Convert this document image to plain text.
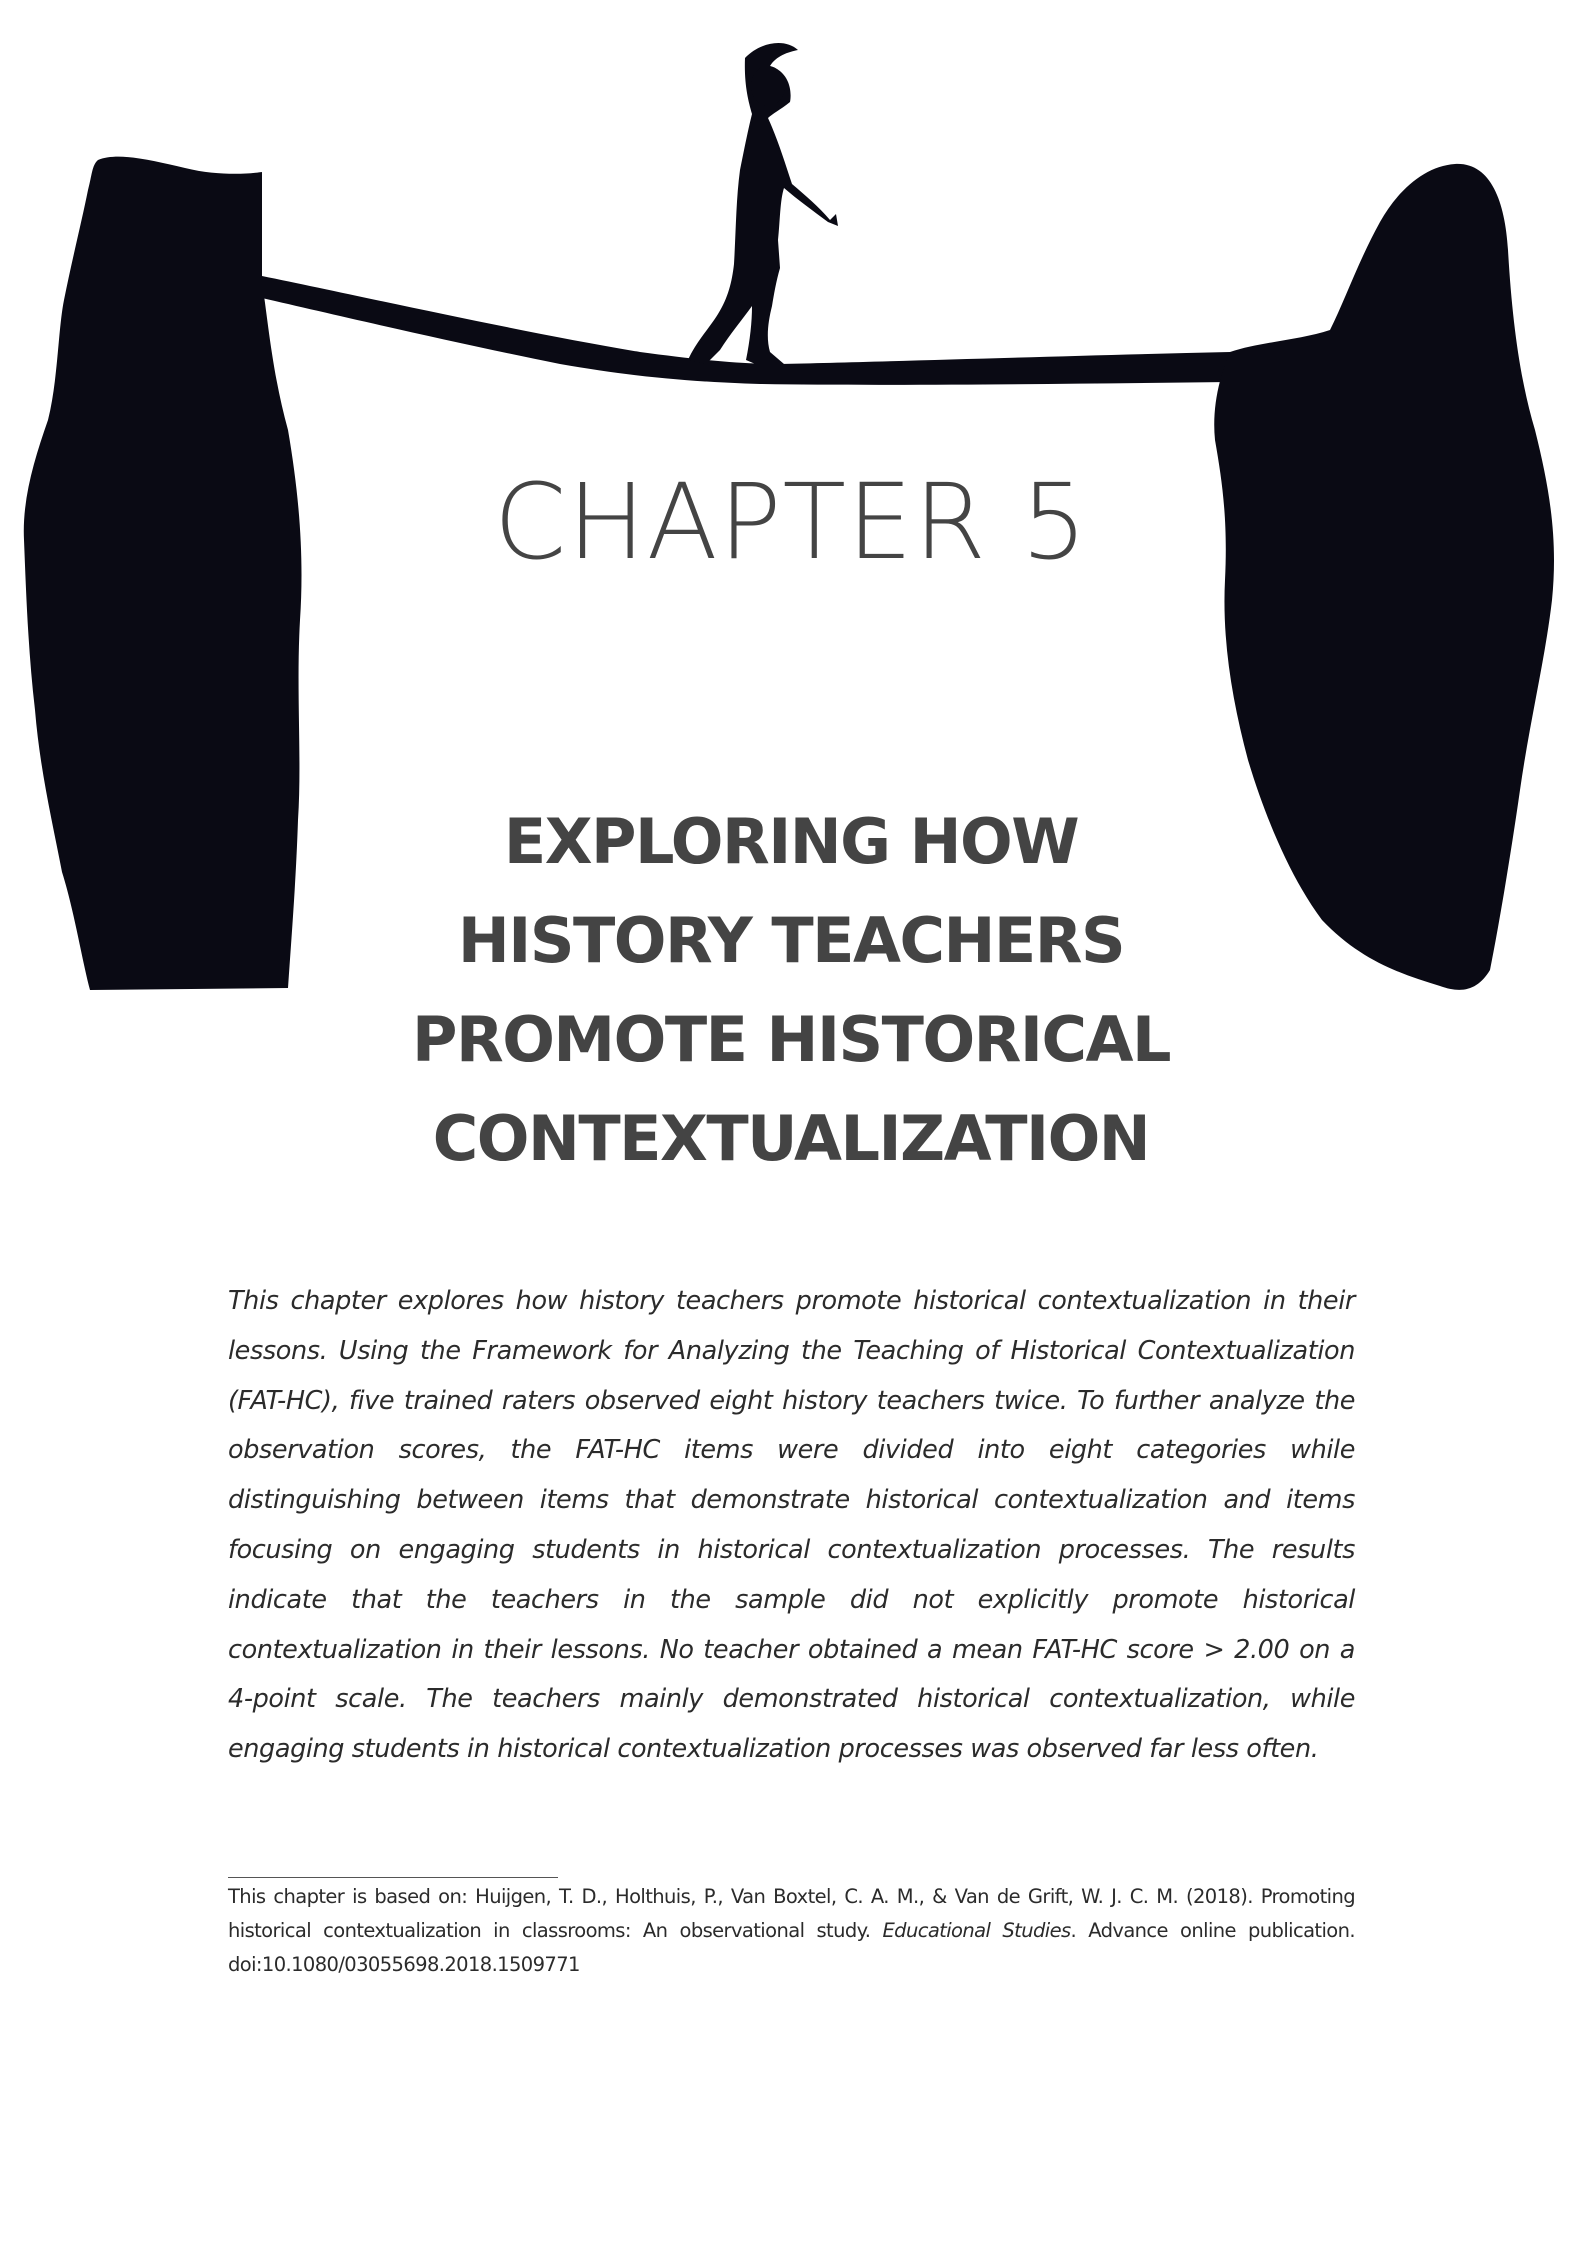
CHAPTER 5
EXPLORING HOW
HISTORY TEACHERS
PROMOTE HISTORICAL
CONTEXTUALIZATION

This chapter explores how history teachers promote historical contextualization in their lessons. Using the Framework for Analyzing the Teaching of Historical Contextualization (FAT-HC), five trained raters observed eight history teachers twice. To further analyze the observation scores, the FAT-HC items were divided into eight categories while distinguishing between items that demonstrate historical contextualization and items focusing on engaging students in historical contextualization processes. The results indicate that the teachers in the sample did not explicitly promote historical contextualization in their lessons. No teacher obtained a mean FAT-HC score > 2.00 on a 4-point scale. The teachers mainly demonstrated historical contextualization, while engaging students in historical contextualization processes was observed far less often.

This chapter is based on: Huijgen, T. D., Holthuis, P., Van Boxtel, C. A. M., & Van de Grift, W. J. C. M. (2018). Promoting historical contextualization in classrooms: An observational study. Educational Studies. Advance online publication. doi:10.1080/03055698.2018.1509771
